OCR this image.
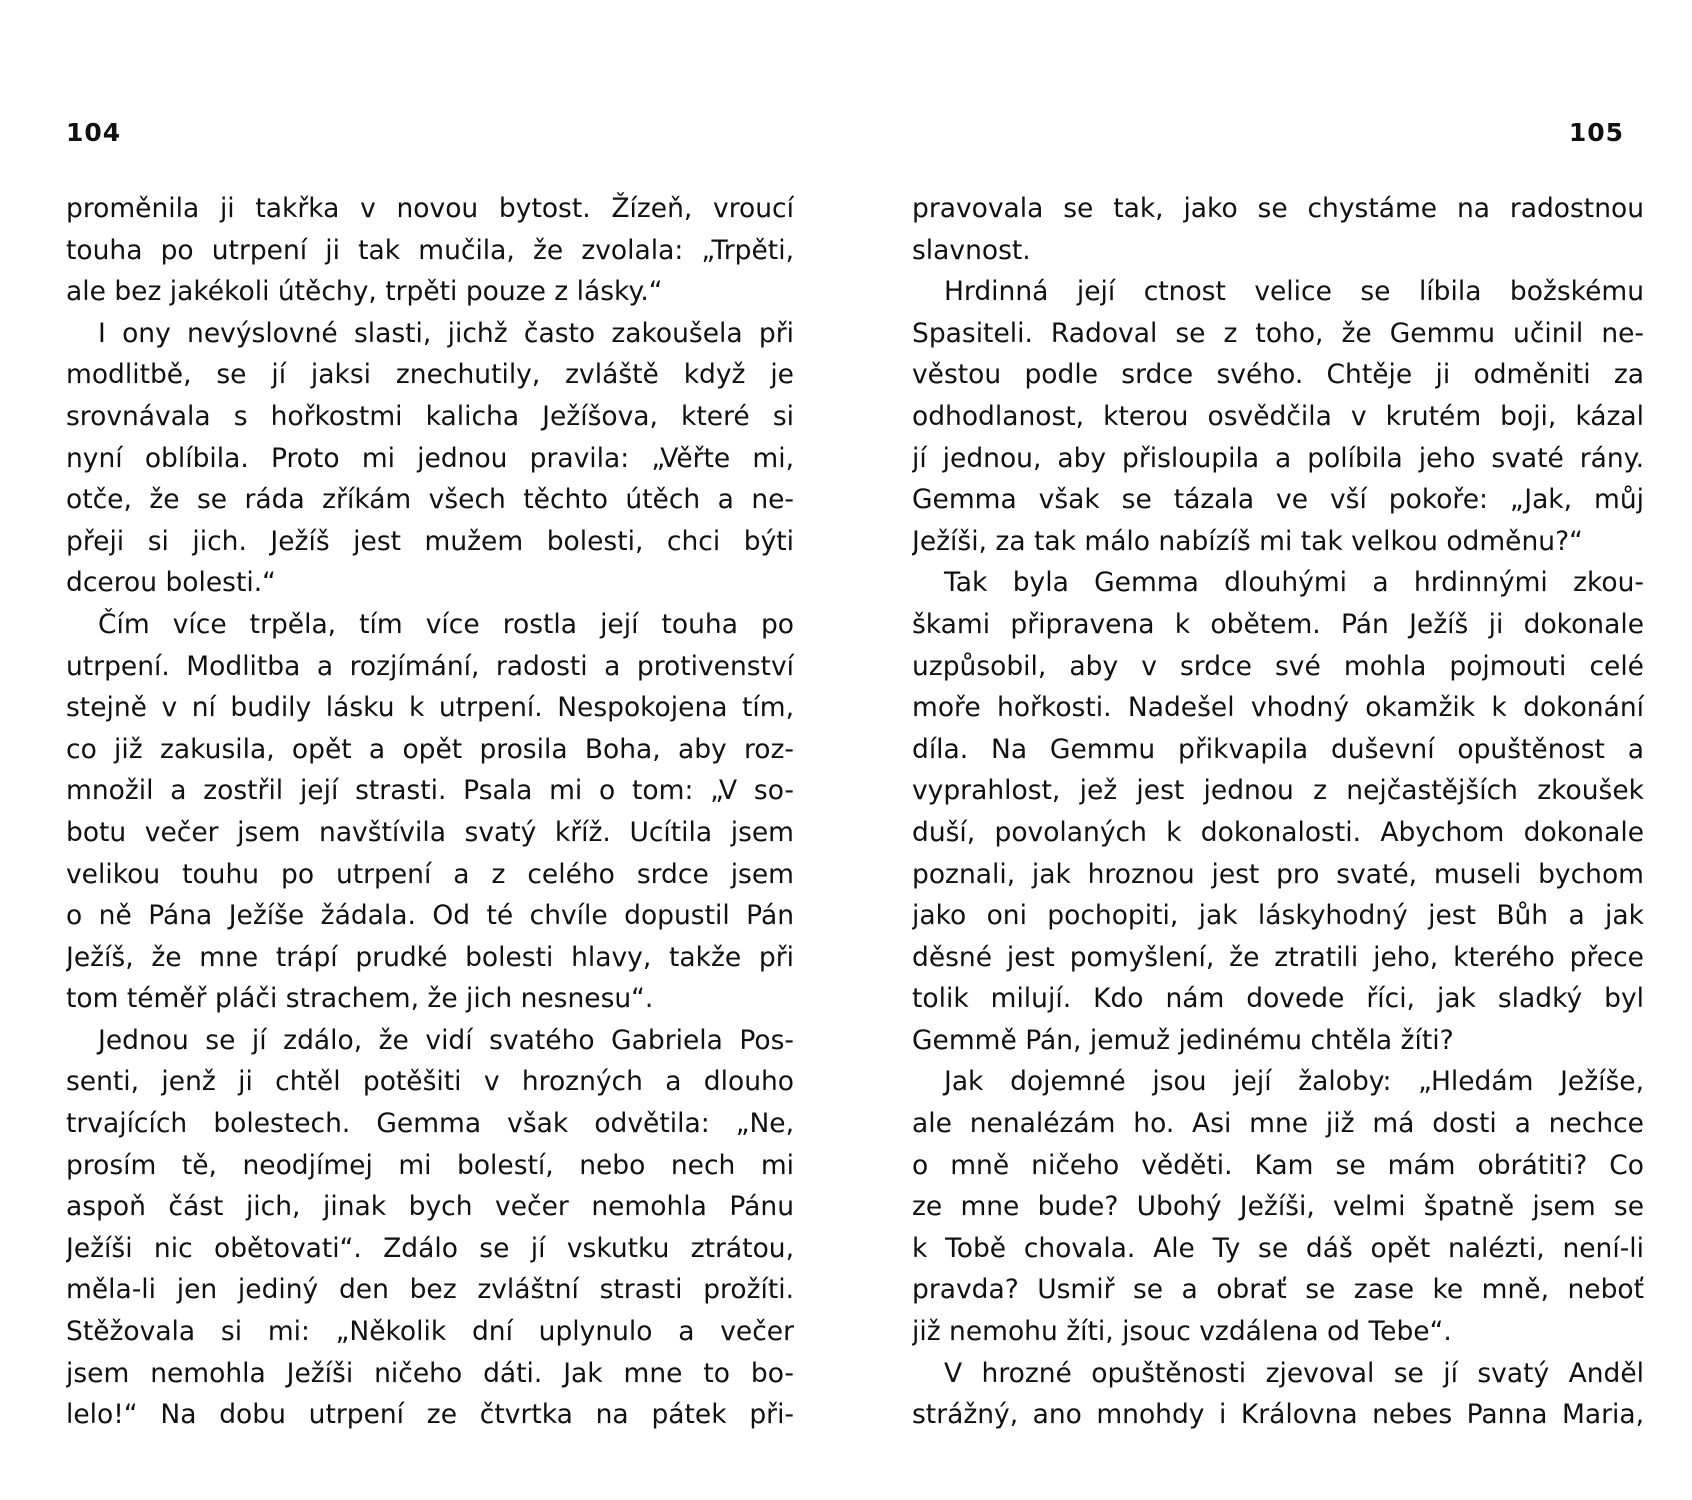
104
proměnila ji takřka v novou bytost. Žízeň, vroucí
touha po utrpení ji tak mučila, že zvolala: „Trpěti,
ale bez jakékoli útěchy, trpěti pouze z lásky.“
I ony nevýslovné slasti, jichž často zakoušela při
modlitbě, se jí jaksi znechutily, zvláště když je
srovnávala s hořkostmi kalicha Ježíšova, které si
nyní oblíbila. Proto mi jednou pravila: „Věřte mi,
otče, že se ráda zříkám všech těchto útěch a ne-
přeji si jich. Ježíš jest mužem bolesti, chci býti
dcerou bolesti.“
Čím více trpěla, tím více rostla její touha po
utrpení. Modlitba a rozjímání, radosti a protivenství
stejně v ní budily lásku k utrpení. Nespokojena tím,
co již zakusila, opět a opět prosila Boha, aby roz-
množil a zostřil její strasti. Psala mi o tom: „V so-
botu večer jsem navštívila svatý kříž. Ucítila jsem
velikou touhu po utrpení a z celého srdce jsem
o ně Pána Ježíše žádala. Od té chvíle dopustil Pán
Ježíš, že mne trápí prudké bolesti hlavy, takže při
tom téměř pláči strachem, že jich nesnesu“.
Jednou se jí zdálo, že vidí svatého Gabriela Pos-
senti, jenž ji chtěl potěšiti v hrozných a dlouho
trvajících bolestech. Gemma však odvětila: „Ne,
prosím tě, neodjímej mi bolestí, nebo nech mi
aspoň část jich, jinak bych večer nemohla Pánu
Ježíši nic obětovati“. Zdálo se jí vskutku ztrátou,
měla-li jen jediný den bez zvláštní strasti prožíti.
Stěžovala si mi: „Několik dní uplynulo a večer
jsem nemohla Ježíši ničeho dáti. Jak mne to bo-
lelo!“ Na dobu utrpení ze čtvrtka na pátek při-
105
pravovala se tak, jako se chystáme na radostnou
slavnost.
Hrdinná její ctnost velice se líbila božskému
Spasiteli. Radoval se z toho, že Gemmu učinil ne-
věstou podle srdce svého. Chtěje ji odměniti za
odhodlanost, kterou osvědčila v krutém boji, kázal
jí jednou, aby přisloupila a políbila jeho svaté rány.
Gemma však se tázala ve vší pokoře: „Jak, můj
Ježíši, za tak málo nabízíš mi tak velkou odměnu?“
Tak byla Gemma dlouhými a hrdinnými zkou-
škami připravena k obětem. Pán Ježíš ji dokonale
uzpůsobil, aby v srdce své mohla pojmouti celé
moře hořkosti. Nadešel vhodný okamžik k dokonání
díla. Na Gemmu přikvapila duševní opuštěnost a
vyprahlost, jež jest jednou z nejčastějších zkoušek
duší, povolaných k dokonalosti. Abychom dokonale
poznali, jak hroznou jest pro svaté, museli bychom
jako oni pochopiti, jak láskyhodný jest Bůh a jak
děsné jest pomyšlení, že ztratili jeho, kterého přece
tolik milují. Kdo nám dovede říci, jak sladký byl
Gemmě Pán, jemuž jedinému chtěla žíti?
Jak dojemné jsou její žaloby: „Hledám Ježíše,
ale nenalézám ho. Asi mne již má dosti a nechce
o mně ničeho věděti. Kam se mám obrátiti? Co
ze mne bude? Ubohý Ježíši, velmi špatně jsem se
k Tobě chovala. Ale Ty se dáš opět nalézti, není-li
pravda? Usmiř se a obrať se zase ke mně, neboť
již nemohu žíti, jsouc vzdálena od Tebe“.
V hrozné opuštěnosti zjevoval se jí svatý Anděl
strážný, ano mnohdy i Královna nebes Panna Maria,
